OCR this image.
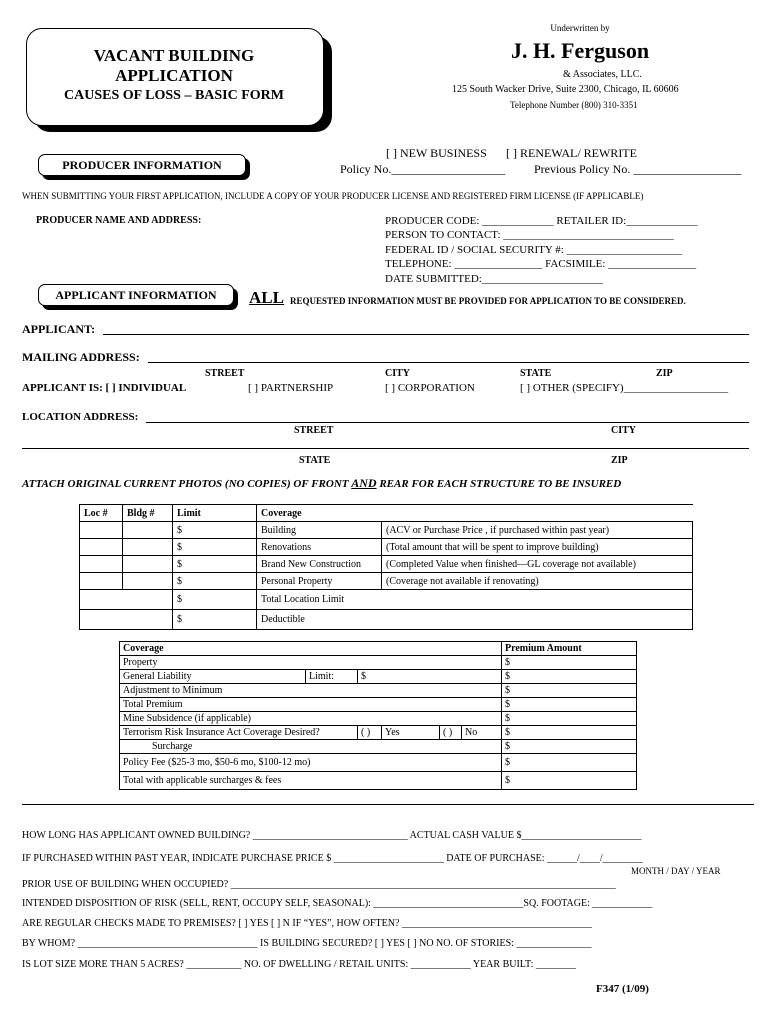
VACANT BUILDING
APPLICATION
CAUSES OF LOSS – BASIC FORM
Underwritten by
J. H. Ferguson
& Associates, LLC.
125 South Wacker Drive, Suite 2300, Chicago, IL 60606
Telephone Number (800) 310-3351
PRODUCER INFORMATION
[ ] NEW BUSINESS [ ] RENEWAL/ REWRITE
Policy No.___________________ Previous Policy No. __________________
WHEN SUBMITTING YOUR FIRST APPLICATION, INCLUDE A COPY OF YOUR PRODUCER LICENSE AND REGISTERED FIRM LICENSE (IF APPLICABLE)
PRODUCER NAME AND ADDRESS:	PRODUCER CODE: _____________ RETAILER ID:_____________
PERSON TO CONTACT: _______________________________
FEDERAL ID / SOCIAL SECURITY #: _____________________
TELEPHONE: ________________ FACSIMILE: ________________
DATE SUBMITTED:______________________
APPLICANT INFORMATION	ALL REQUESTED INFORMATION MUST BE PROVIDED FOR APPLICATION TO BE CONSIDERED.
APPLICANT:
MAILING ADDRESS:
STREET	CITY	STATE	ZIP
APPLICANT IS: [ ] INDIVIDUAL	[ ] PARTNERSHIP	[ ] CORPORATION	[ ] OTHER (SPECIFY)___________________
LOCATION ADDRESS:
STREET	CITY
STATE	ZIP
ATTACH ORIGINAL CURRENT PHOTOS (NO COPIES) OF FRONT AND REAR FOR EACH STRUCTURE TO BE INSURED
Loc #	Bldg #	Limit	Coverage	
		$	Building	(ACV or Purchase Price , if purchased within past year)
		$	Renovations	(Total amount that will be spent to improve building)
		$	Brand New Construction	(Completed Value when finished—GL coverage not available)
		$	Personal Property	(Coverage not available if renovating)
		$	Total Location Limit	
		$	Deductible	
Coverage						Premium Amount
Property						$
General Liability	Limit:	$				$
Adjustment to Minimum						$
Total Premium						$
Mine Subsidence (if applicable)						$
Terrorism Risk Insurance Act Coverage Desired?		( )	Yes	( )	No	$
Surcharge						$
Policy Fee ($25-3 mo, $50-6 mo, $100-12 mo)						$
Total with applicable surcharges & fees						$
HOW LONG HAS APPLICANT OWNED BUILDING? _______________________________ ACTUAL CASH VALUE $________________________
IF PURCHASED WITHIN PAST YEAR, INDICATE PURCHASE PRICE $ ______________________ DATE OF PURCHASE: ______/____/________
MONTH / DAY / YEAR
PRIOR USE OF BUILDING WHEN OCCUPIED? _____________________________________________________________________________
INTENDED DISPOSITION OF RISK (SELL, RENT, OCCUPY SELF, SEASONAL): ______________________________SQ. FOOTAGE: ____________
ARE REGULAR CHECKS MADE TO PREMISES? [ ] YES [ ] N IF “YES”, HOW OFTEN? ______________________________________
BY WHOM? ____________________________________ IS BUILDING SECURED? [ ] YES [ ] NO NO. OF STORIES: _______________
IS LOT SIZE MORE THAN 5 ACRES? ___________ NO. OF DWELLING / RETAIL UNITS: ____________ YEAR BUILT: ________
F347 (1/09)
